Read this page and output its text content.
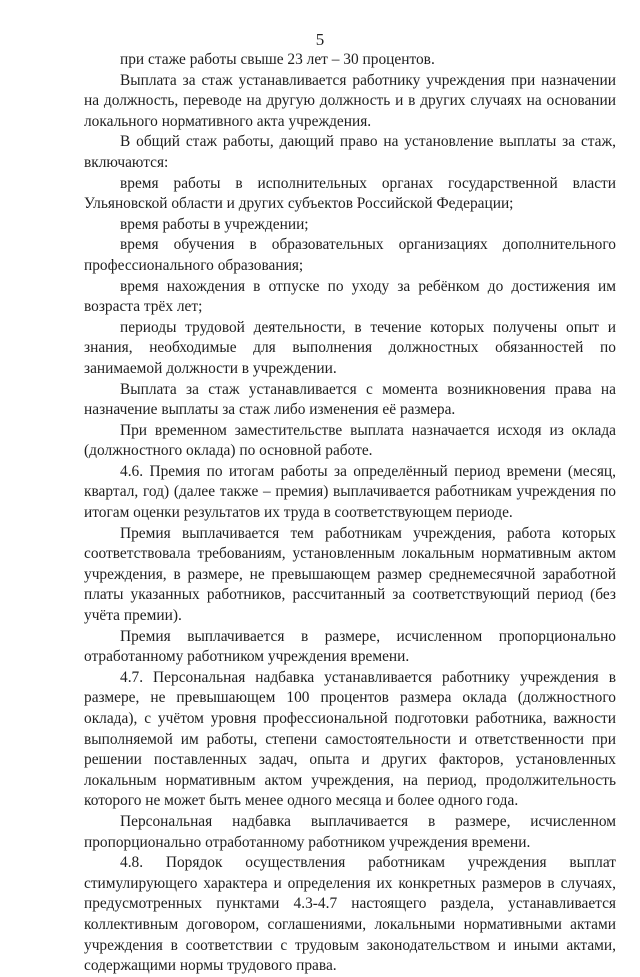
5

при стаже работы свыше 23 лет – 30 процентов.

Выплата за стаж устанавливается работнику учреждения при назначении на должность, переводе на другую должность и в других случаях на основании локального нормативного акта учреждения.

В общий стаж работы, дающий право на установление выплаты за стаж, включаются:

время работы в исполнительных органах государственной власти Ульяновской области и других субъектов Российской Федерации;

время работы в учреждении;

время обучения в образовательных организациях дополнительного профессионального образования;

время нахождения в отпуске по уходу за ребёнком до достижения им возраста трёх лет;

периоды трудовой деятельности, в течение которых получены опыт и знания, необходимые для выполнения должностных обязанностей по занимаемой должности в учреждении.

Выплата за стаж устанавливается с момента возникновения права на назначение выплаты за стаж либо изменения её размера.

При временном заместительстве выплата назначается исходя из оклада (должностного оклада) по основной работе.

4.6. Премия по итогам работы за определённый период времени (месяц, квартал, год) (далее также – премия) выплачивается работникам учреждения по итогам оценки результатов их труда в соответствующем периоде.

Премия выплачивается тем работникам учреждения, работа которых соответствовала требованиям, установленным локальным нормативным актом учреждения, в размере, не превышающем размер среднемесячной заработной платы указанных работников, рассчитанный за соответствующий период (без учёта премии).

Премия выплачивается в размере, исчисленном пропорционально отработанному работником учреждения времени.

4.7. Персональная надбавка устанавливается работнику учреждения в размере, не превышающем 100 процентов размера оклада (должностного оклада), с учётом уровня профессиональной подготовки работника, важности выполняемой им работы, степени самостоятельности и ответственности при решении поставленных задач, опыта и других факторов, установленных локальным нормативным актом учреждения, на период, продолжительность которого не может быть менее одного месяца и более одного года.

Персональная надбавка выплачивается в размере, исчисленном пропорционально отработанному работником учреждения времени.

4.8. Порядок осуществления работникам учреждения выплат стимулирующего характера и определения их конкретных размеров в случаях, предусмотренных пунктами 4.3-4.7 настоящего раздела, устанавливается коллективным договором, соглашениями, локальными нормативными актами учреждения в соответствии с трудовым законодательством и иными актами, содержащими нормы трудового права.
